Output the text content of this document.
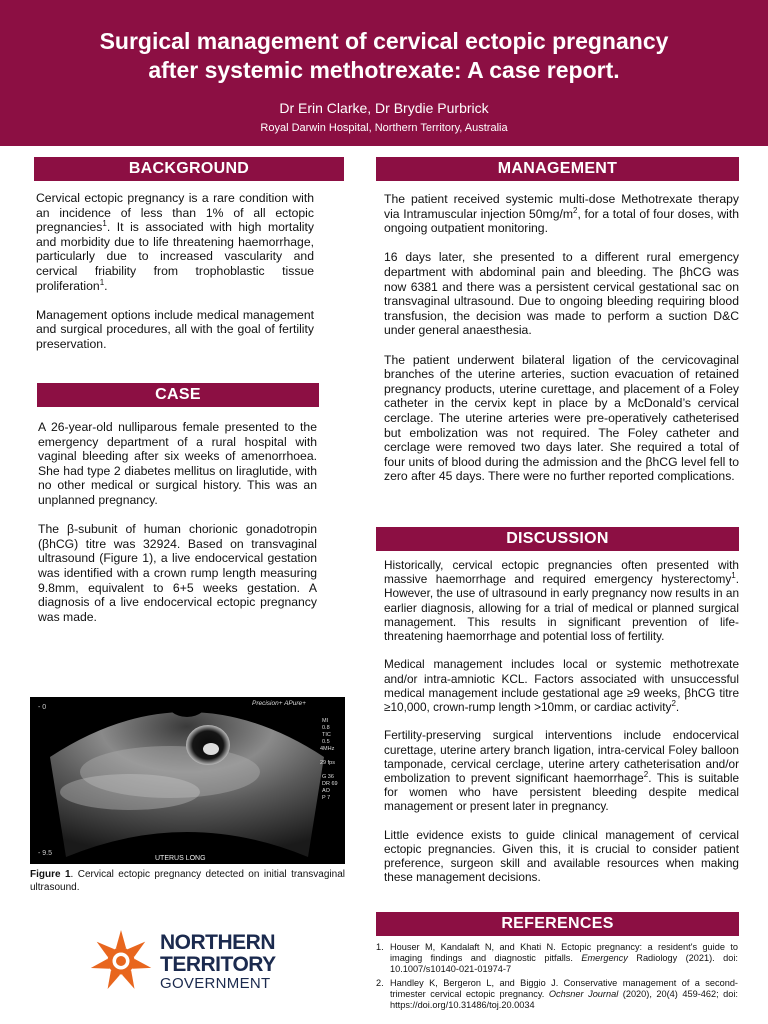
Surgical management of cervical ectopic pregnancy
after systemic methotrexate: A case report.
Dr Erin Clarke, Dr Brydie Purbrick
Royal Darwin Hospital, Northern Territory, Australia
BACKGROUND

Cervical ectopic pregnancy is a rare condition with an incidence of less than 1% of all ectopic pregnancies$^1$. It is associated with high mortality and morbidity due to life threatening haemorrhage, particularly due to increased vascularity and cervical friability from trophoblastic tissue proliferation$^1$.

Management options include medical management and surgical procedures, all with the goal of fertility preservation.

CASE

A 26-year-old nulliparous female presented to the emergency department of a rural hospital with vaginal bleeding after six weeks of amenorrhoea. She had type 2 diabetes mellitus on liraglutide, with no other medical or surgical history. This was an unplanned pregnancy.

The β-subunit of human chorionic gonadotropin (βhCG) titre was 32924. Based on transvaginal ultrasound (Figure 1), a live endocervical gestation was identified with a crown rump length measuring 9.8mm, equivalent to 6+5 weeks gestation. A diagnosis of a live endocervical ectopic pregnancy was made.

- 0
- 9.5
Precision+ APure+
MI
0.8
TIC
0.5
4MHz
29 fps
G 36
DR 69
AO
P 7
UTERUS LONG
Figure 1. Cervical ectopic pregnancy detected on initial transvaginal ultrasound.
NORTHERN
TERRITORY
GOVERNMENT
MANAGEMENT

The patient received systemic multi-dose Methotrexate therapy via Intramuscular injection $50mg/m^2$, for a total of four doses, with ongoing outpatient monitoring.

16 days later, she presented to a different rural emergency department with abdominal pain and bleeding. The βhCG was now 6381 and there was a persistent cervical gestational sac on transvaginal ultrasound. Due to ongoing bleeding requiring blood transfusion, the decision was made to perform a suction D&C under general anaesthesia.

The patient underwent bilateral ligation of the cervicovaginal branches of the uterine arteries, suction evacuation of retained pregnancy products, uterine curettage, and placement of a Foley catheter in the cervix kept in place by a McDonald’s cervical cerclage. The uterine arteries were pre-operatively catheterised but embolization was not required. The Foley catheter and cerclage were removed two days later. She required a total of four units of blood during the admission and the βhCG level fell to zero after 45 days. There were no further reported complications.

DISCUSSION

Historically, cervical ectopic pregnancies often presented with massive haemorrhage and required emergency hysterectomy$^1$. However, the use of ultrasound in early pregnancy now results in an earlier diagnosis, allowing for a trial of medical or planned surgical management. This results in significant prevention of life-threatening haemorrhage and potential loss of fertility.

Medical management includes local or systemic methotrexate and/or intra-amniotic KCL. Factors associated with unsuccessful medical management include gestational age ≥9 weeks, βhCG titre ≥10,000, crown-rump length >10mm, or cardiac activity$^2$.

Fertility-preserving surgical interventions include endocervical curettage, uterine artery branch ligation, intra-cervical Foley balloon tamponade, cervical cerclage, uterine artery catheterisation and/or embolization to prevent significant haemorrhage$^2$. This is suitable for women who have persistent bleeding despite medical management or present later in pregnancy.

Little evidence exists to guide clinical management of cervical ectopic pregnancies. Given this, it is crucial to consider patient preference, surgeon skill and available resources when making these management decisions.

REFERENCES
1. Houser M, Kandalaft N, and Khati N. Ectopic pregnancy: a resident's guide to imaging findings and diagnostic pitfalls. Emergency Radiology (2021). doi: 10.1007/s10140-021-01974-7
2. Handley K, Bergeron L, and Biggio J. Conservative management of a second-trimester cervical ectopic pregnancy. Ochsner Journal (2020), 20(4) 459-462; doi: https://doi.org/10.31486/toj.20.0034
